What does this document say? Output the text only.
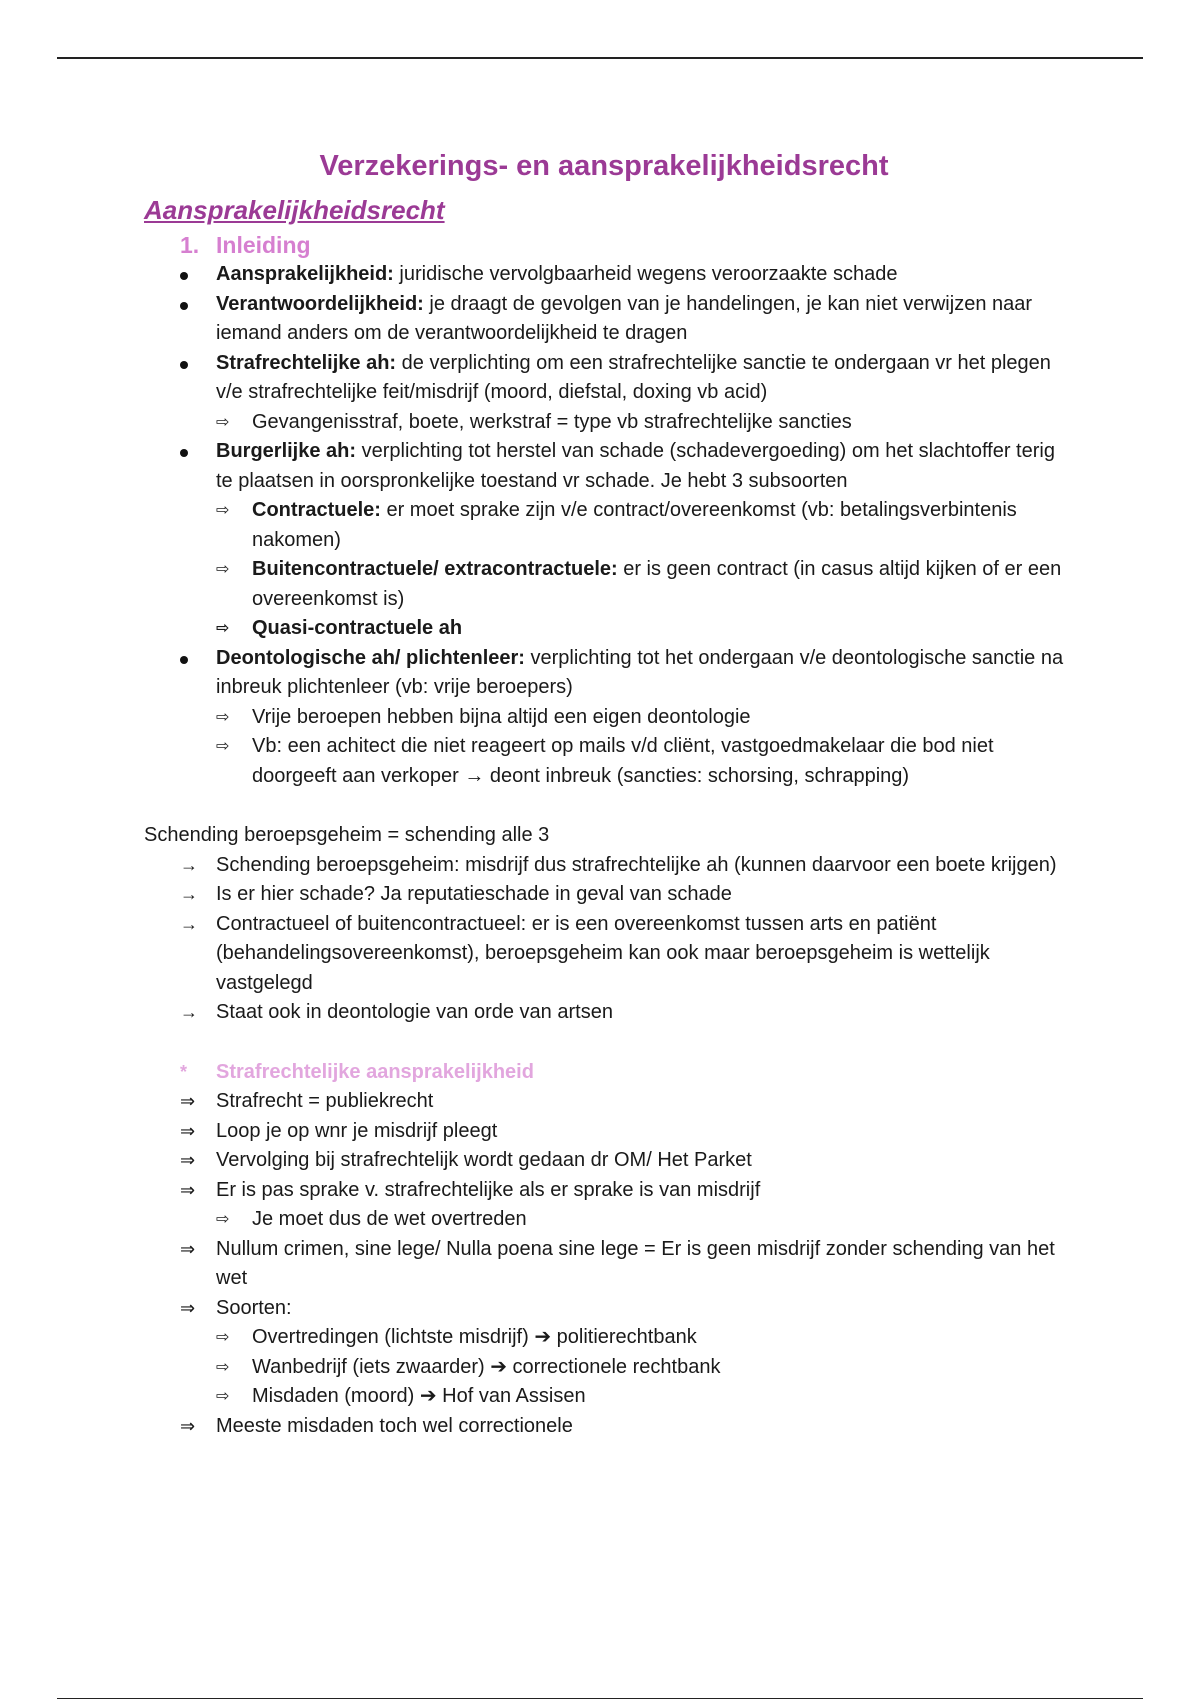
Verzekerings- en aansprakelijkheidsrecht
Aansprakelijkheidsrecht
1. Inleiding
Aansprakelijkheid: juridische vervolgbaarheid wegens veroorzaakte schade
Verantwoordelijkheid: je draagt de gevolgen van je handelingen, je kan niet verwijzen naar iemand anders om de verantwoordelijkheid te dragen
Strafrechtelijke ah: de verplichting om een strafrechtelijke sanctie te ondergaan vr het plegen v/e strafrechtelijke feit/misdrijf (moord, diefstal, doxing vb acid)
⇨ Gevangenisstraf, boete, werkstraf = type vb strafrechtelijke sancties
Burgerlijke ah: verplichting tot herstel van schade (schadevergoeding) om het slachtoffer terig te plaatsen in oorspronkelijke toestand vr schade. Je hebt 3 subsoorten
⇨ Contractuele: er moet sprake zijn v/e contract/overeenkomst (vb: betalingsverbintenis nakomen)
⇨ Buitencontractuele/ extracontractuele: er is geen contract (in casus altijd kijken of er een overeenkomst is)
⇨ Quasi-contractuele ah
Deontologische ah/ plichtenleer: verplichting tot het ondergaan v/e deontologische sanctie na inbreuk plichtenleer (vb: vrije beroepers)
⇨ Vrije beroepen hebben bijna altijd een eigen deontologie
⇨ Vb: een achitect die niet reageert op mails v/d cliënt, vastgoedmakelaar die bod niet doorgeeft aan verkoper → deont inbreuk (sancties: schorsing, schrapping)
Schending beroepsgeheim = schending alle 3
→ Schending beroepsgeheim: misdrijf dus strafrechtelijke ah (kunnen daarvoor een boete krijgen)
→ Is er hier schade? Ja reputatieschade in geval van schade
→ Contractueel of buitencontractueel: er is een overeenkomst tussen arts en patiënt (behandelingsovereenkomst), beroepsgeheim kan ook maar beroepsgeheim is wettelijk vastgelegd
→ Staat ook in deontologie van orde van artsen
* Strafrechtelijke aansprakelijkheid
⇒ Strafrecht = publiekrecht
⇒ Loop je op wnr je misdrijf pleegt
⇒ Vervolging bij strafrechtelijk wordt gedaan dr OM/ Het Parket
⇒ Er is pas sprake v. strafrechtelijke als er sprake is van misdrijf
⇨ Je moet dus de wet overtreden
⇒ Nullum crimen, sine lege/ Nulla poena sine lege = Er is geen misdrijf zonder schending van het wet
⇒ Soorten:
⇨ Overtredingen (lichtste misdrijf) ➔ politierechtbank
⇨ Wanbedrijf (iets zwaarder) ➔ correctionele rechtbank
⇨ Misdaden (moord) ➔ Hof van Assisen
⇒ Meeste misdaden toch wel correctionele
